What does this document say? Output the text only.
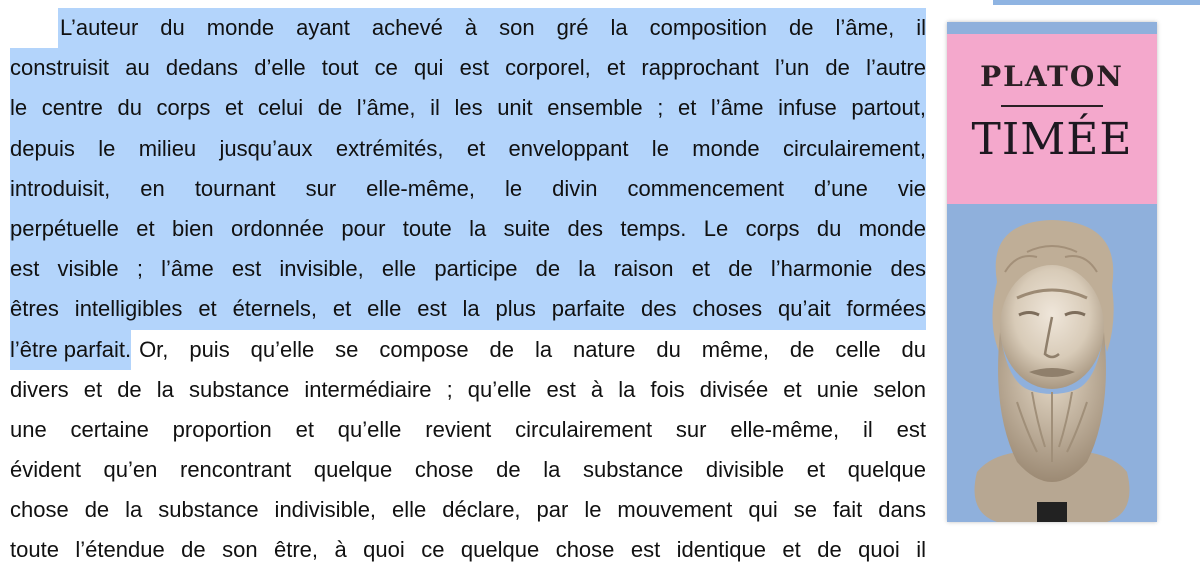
L’auteur du monde ayant achevé à son gré la composition de l’âme, il
construisit au dedans d’elle tout ce qui est corporel, et rapprochant l’un de l’autre
le centre du corps et celui de l’âme, il les unit ensemble ; et l’âme infuse partout,
depuis le milieu jusqu’aux extrémités, et enveloppant le monde circulairement,
introduisit, en tournant sur elle-même, le divin commencement d’une vie
perpétuelle et bien ordonnée pour toute la suite des temps. Le corps du monde
est visible ; l’âme est invisible, elle participe de la raison et de l’harmonie des
êtres intelligibles et éternels, et elle est la plus parfaite des choses qu’ait formées
l’être parfait. Or, puis qu’elle se compose de la nature du même, de celle du
divers et de la substance intermédiaire ; qu’elle est à la fois divisée et unie selon
une certaine proportion et qu’elle revient circulairement sur elle-même, il est
évident qu’en rencontrant quelque chose de la substance divisible et quelque
chose de la substance indivisible, elle déclare, par le mouvement qui se fait dans
toute l’étendue de son être, à quoi ce quelque chose est identique et de quoi il
PLATON
TIMÉE
